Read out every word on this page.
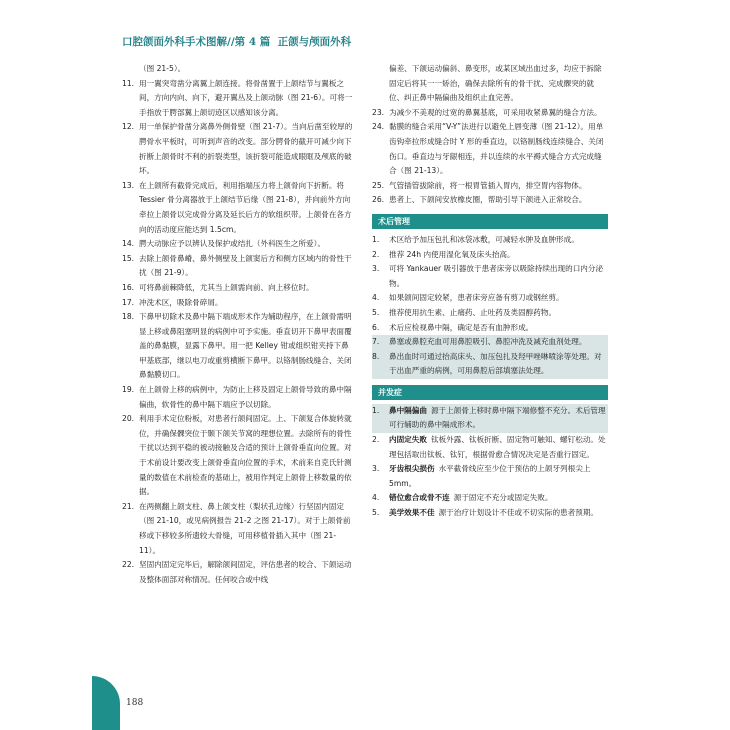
口腔颌面外科手术图解//第 4 篇 正颌与颅面外科
（图 21-5）。
11. 用一翼突弯凿分离翼上颌连接。将骨凿置于上颌结节与翼板之间，方向内向、向下，避开翼丛及上颌动脉（图 21-6）。可将一手指放于腭部翼上颌切迹区以感知该分离。
12. 用一单保护骨凿分离鼻外侧骨壁（图 21-7）。当向后凿至较厚的腭骨水平板时，可听到声音的改变。部分腭骨的截开可减少向下折断上颌骨时不利的折裂类型，该折裂可能造成眼眶及颅底的破坏。
13. 在上颌所有截骨完成后，利用指端压力将上颌骨向下折断。将 Tessier 骨分离器放于上颌结节后缘（图 21-8），并向前外方向牵拉上颌骨以完成骨分离及延长后方的软组织带。上颌骨在各方向的活动度应能达到 1.5cm。
14. 腭大动脉应予以辨认及保护或结扎（外科医生之所爱）。
15. 去除上颌骨鼻嵴、鼻外侧壁及上颌窦后方和侧方区域内的骨性干扰（图 21-9）。
16. 可将鼻前棘降低，尤其当上颌需向前、向上移位时。
17. 冲洗术区，吸除骨碎屑。
18. 下鼻甲切除术及鼻中隔下端成形术作为辅助程序，在上颌骨需明显上移或鼻阻塞明显的病例中可予实施。垂直切开下鼻甲表面覆盖的鼻黏膜，显露下鼻甲。用一把 Kelley 钳或组织钳夹持下鼻甲基底部，继以电刀或重剪横断下鼻甲。以铬制肠线缝合、关闭鼻黏膜切口。
19. 在上颌骨上移的病例中，为防止上移及固定上颌骨导致的鼻中隔偏曲，软骨性的鼻中隔下端应予以切除。
20. 利用手术定位粉板，对患者行颌间固定。上、下颌复合体旋转就位，并确保髁突位于颞下颌关节窝的理想位置。去除所有的骨性干扰以达到平稳的被动接触及合适的预计上颌骨垂直向位置。对于术前设计要改变上颌骨垂直向位置的手术，术前来自克氏针测量的数值在术前检查的基础上，被用作判定上颌骨上移数量的依据。
21. 在两侧翻上颌支柱、鼻上颌支柱（梨状孔边缘）行坚固内固定（图 21-10，或见病例报告 21-2 之图 21-17）。对于上颌骨前移或下移较多所遗较大骨缝，可用移植骨插入其中（图 21-11）。
22. 坚固内固定完毕后，解除颌间固定，评估患者的咬合、下颌运动及整体面部对称情况。任何咬合或中线
偏差、下颌运动偏斜、鼻变形，或某区域出血过多，均应于拆除固定后将其一一矫治，确保去除所有的骨干扰、完成髁突的就位、纠正鼻中隔偏曲及组织止血完善。
23. 为减少不美观的过宽的鼻翼基底，可采用收紧鼻翼的缝合方法。
24. 黏膜的缝合采用“V-Y”法进行以避免上唇变薄（图 21-12）。用单齿钩牵拉形成缝合时 Y 形的垂直边，以铬制肠线连续缝合、关闭伤口。垂直边与牙龈相连，并以连续的水平褥式缝合方式完成缝合（图 21-13）。
25. 气管插管拔除前，将一根胃管插入胃内，排空胃内容物体。
26. 患者上、下颌间安放橡皮圈，帮助引导下颌进入正常咬合。
术后管理
1. 术区给予加压包扎和冰袋冰敷，可减轻水肿及血肿形成。
2. 推荐 24h 内使用湿化氧及床头抬高。
3. 可将 Yankauer 吸引器放于患者床旁以吸除持续出现的口内分泌物。
4. 如果颌间固定较紧，患者床旁应备有剪刀或钢丝剪。
5. 推荐使用抗生素、止痛药、止吐药及类固醇药物。
6. 术后应检视鼻中隔，确定是否有血肿形成。
7. 鼻塞或鼻腔充血可用鼻腔吸引、鼻腔冲洗及减充血剂处理。
8. 鼻出血时可通过抬高床头、加压包扎及羟甲唑啉喷涂等处理。对于出血严重的病例，可用鼻腔后部填塞法处理。
并发症
1. 鼻中隔偏曲 源于上颌骨上移时鼻中隔下端修整不充分。术后管理可行辅助的鼻中隔成形术。
2. 内固定失败 钛板外露、钛板折断、固定物可触知、螺钉松动。处理包括取出钛板、钛钉，根据骨愈合情况决定是否重行固定。
3. 牙齿根尖损伤 水平截骨线应至少位于预估的上颌牙列根尖上 5mm。
4. 错位愈合或骨不连 源于固定不充分或固定失败。
5. 美学效果不佳 源于治疗计划设计不佳或不切实际的患者预期。
188
